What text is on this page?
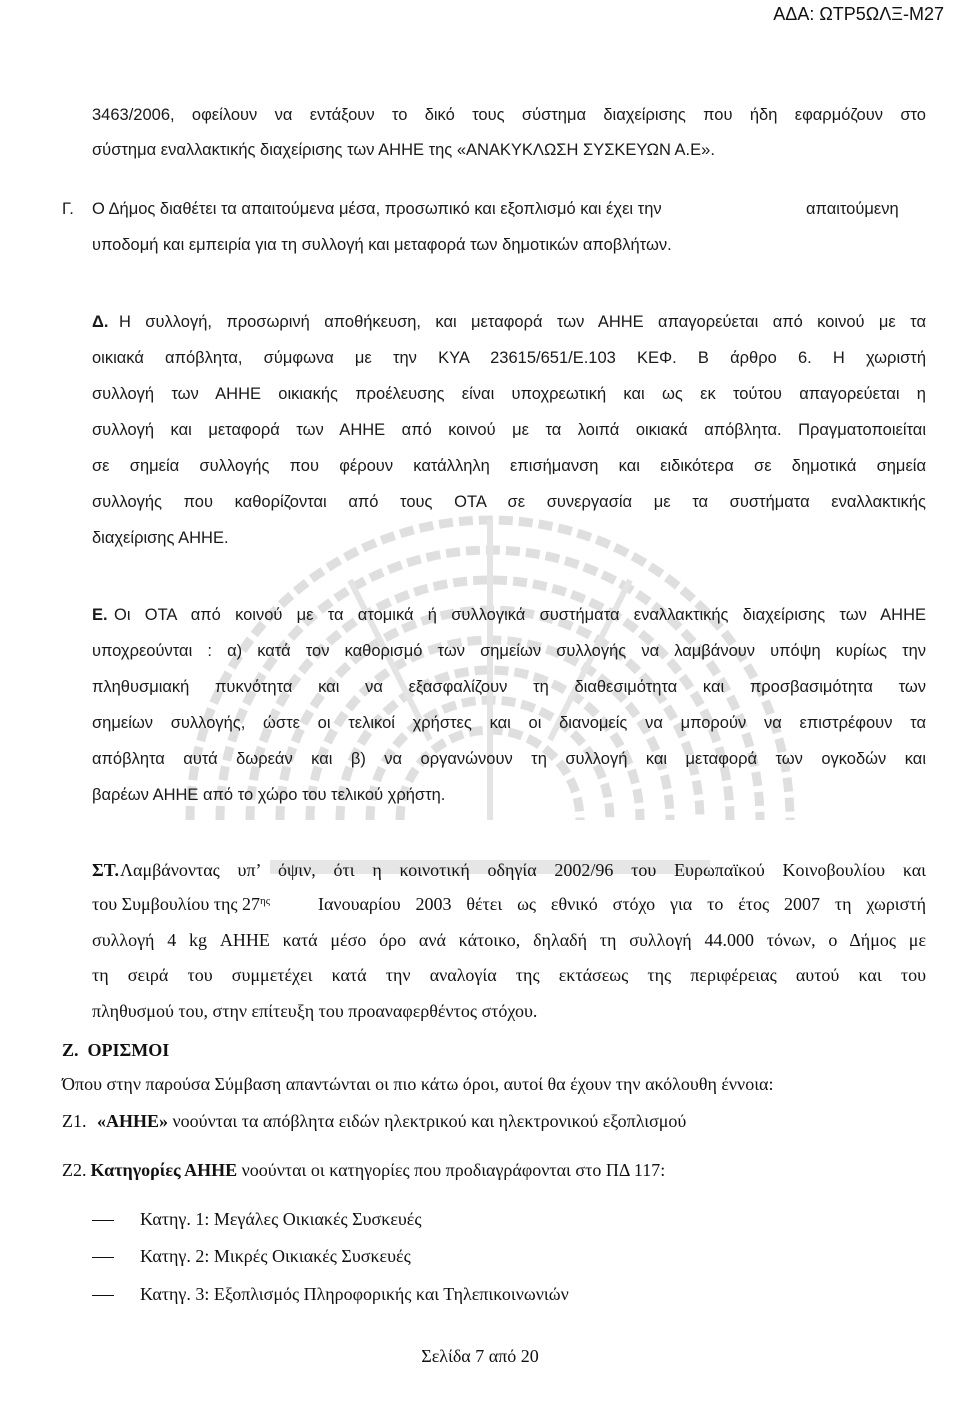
ΑΔΑ: ΩΤΡ5ΩΛΞ-Μ27
3463/2006, οφείλουν να εντάξουν το δικό τους σύστημα διαχείρισης που ήδη εφαρμόζουν στο
σύστημα εναλλακτικής διαχείρισης των ΑΗΗΕ της «ΑΝΑΚΥΚΛΩΣΗ ΣΥΣΚΕΥΩΝ Α.Ε».
Γ.	Ο Δήμος διαθέτει τα απαιτούμενα μέσα, προσωπικό και εξοπλισμό και έχει την	απαιτούμενη
υποδομή και εμπειρία για τη συλλογή και μεταφορά των δημοτικών αποβλήτων.
Δ. Η συλλογή, προσωρινή αποθήκευση, και μεταφορά των ΑΗΗΕ απαγορεύεται από κοινού με τα
οικιακά απόβλητα, σύμφωνα με την ΚΥΑ 23615/651/Ε.103 ΚΕΦ. Β άρθρο 6. Η χωριστή
συλλογή των ΑΗΗΕ οικιακής προέλευσης είναι υποχρεωτική και ως εκ τούτου απαγορεύεται η
συλλογή και μεταφορά των ΑΗΗΕ από κοινού με τα λοιπά οικιακά απόβλητα. Πραγματοποιείται
σε σημεία συλλογής που φέρουν κατάλληλη επισήμανση και ειδικότερα σε δημοτικά σημεία
συλλογής που καθορίζονται από τους ΟΤΑ σε συνεργασία με τα συστήματα εναλλακτικής
διαχείρισης ΑΗΗΕ.
Ε. Οι ΟΤΑ από κοινού με τα ατομικά ή συλλογικά συστήματα εναλλακτικής διαχείρισης των ΑΗΗΕ
υποχρεούνται : α) κατά τον καθορισμό των σημείων συλλογής να λαμβάνουν υπόψη κυρίως την
πληθυσμιακή πυκνότητα και να εξασφαλίζουν τη διαθεσιμότητα και προσβασιμότητα των
σημείων συλλογής, ώστε οι τελικοί χρήστες και οι διανομείς να μπορούν να επιστρέφουν τα
απόβλητα αυτά δωρεάν και β) να οργανώνουν τη συλλογή και μεταφορά των ογκοδών και
βαρέων ΑΗΗΕ από το χώρο του τελικού χρήστη.
ΣΤ. Λαμβάνοντας υπ’ όψιν, ότι η κοινοτική οδηγία 2002/96 του Ευρωπαϊκού Κοινοβουλίου και
του Συμβουλίου της $27^{\eta\varsigma}$	Ιανουαρίου 2003 θέτει ως εθνικό στόχο για το έτος 2007 τη χωριστή
συλλογή 4 kg ΑΗΗΕ κατά μέσο όρο ανά κάτοικο, δηλαδή τη συλλογή 44.000 τόνων, ο Δήμος με
τη σειρά του συμμετέχει κατά την αναλογία της εκτάσεως της περιφέρειας αυτού και του
πληθυσμού του, στην επίτευξη του προαναφερθέντος στόχου.
Ζ.  ΟΡΙΣΜΟΙ
Όπου στην παρούσα Σύμβαση απαντώνται οι πιο κάτω όροι, αυτοί θα έχουν την ακόλουθη έννοια:
Ζ1. «ΑΗΗΕ» νοούνται τα απόβλητα ειδών ηλεκτρικού και ηλεκτρονικού εξοπλισμού
Ζ2. Κατηγορίες ΑΗΗΕ νοούνται οι κατηγορίες που προδιαγράφονται στο ΠΔ 117:
Κατηγ. 1: Μεγάλες Οικιακές Συσκευές
Κατηγ. 2: Μικρές Οικιακές Συσκευές
Κατηγ. 3: Εξοπλισμός Πληροφορικής και Τηλεπικοινωνιών
Σελίδα 7 από 20
